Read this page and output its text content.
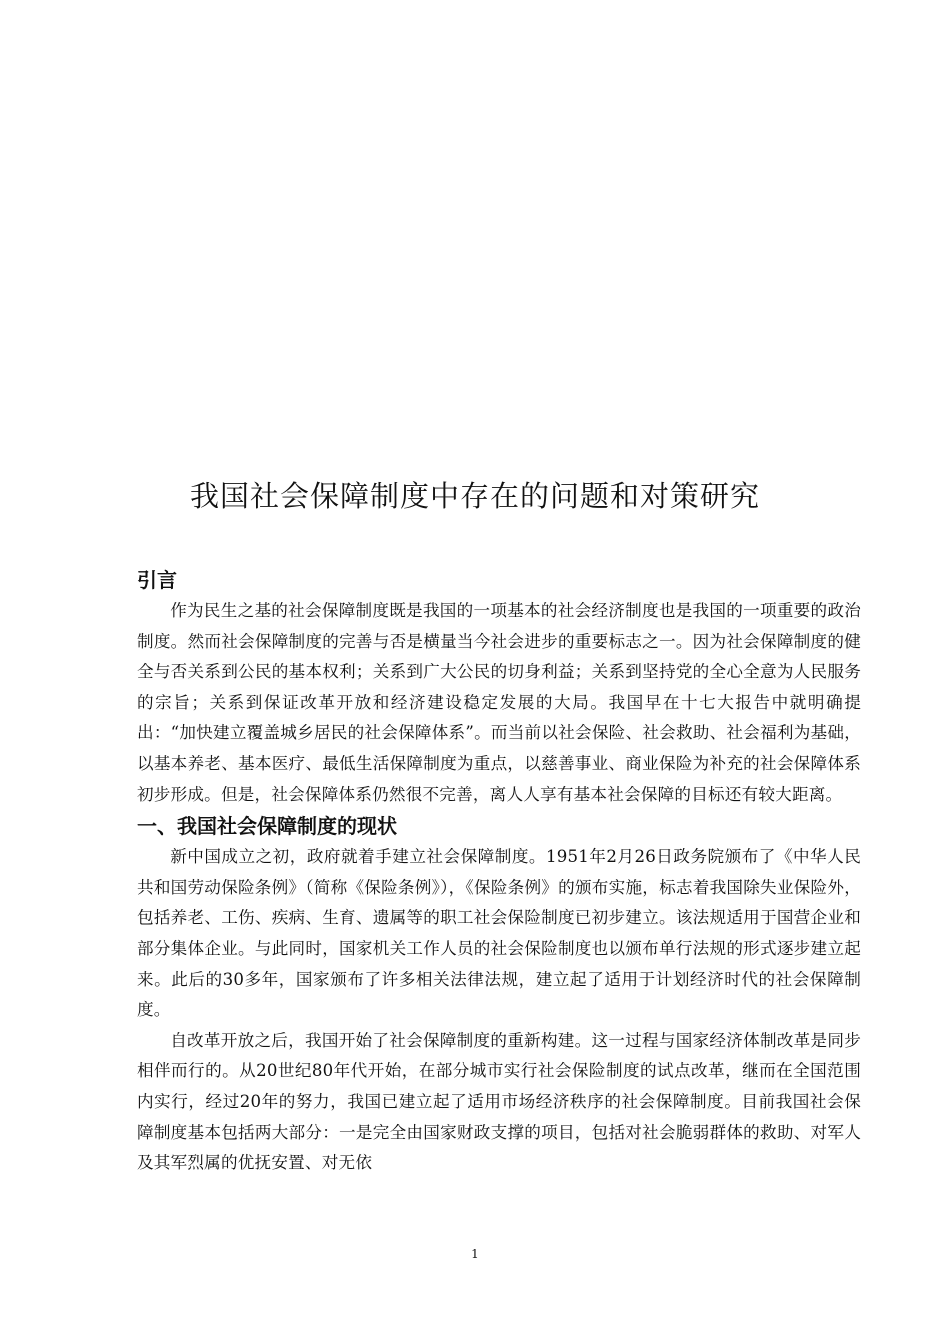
我国社会保障制度中存在的问题和对策研究
引言

作为民生之基的社会保障制度既是我国的一项基本的社会经济制度也是我国的一项重要的政治制度。然而社会保障制度的完善与否是横量当今社会进步的重要标志之一。因为社会保障制度的健全与否关系到公民的基本权利；关系到广大公民的切身利益；关系到坚持党的全心全意为人民服务的宗旨；关系到保证改革开放和经济建设稳定发展的大局。我国早在十七大报告中就明确提出：“加快建立覆盖城乡居民的社会保障体系”。而当前以社会保险、社会救助、社会福利为基础，以基本养老、基本医疗、最低生活保障制度为重点，以慈善事业、商业保险为补充的社会保障体系初步形成。但是，社会保障体系仍然很不完善，离人人享有基本社会保障的目标还有较大距离。

一、我国社会保障制度的现状

新中国成立之初，政府就着手建立社会保障制度。1951年2月26日政务院颁布了《中华人民共和国劳动保险条例》（简称《保险条例》），《保险条例》的颁布实施，标志着我国除失业保险外，包括养老、工伤、疾病、生育、遗属等的职工社会保险制度已初步建立。该法规适用于国营企业和部分集体企业。与此同时，国家机关工作人员的社会保险制度也以颁布单行法规的形式逐步建立起来。此后的30多年，国家颁布了许多相关法律法规，建立起了适用于计划经济时代的社会保障制度。

自改革开放之后，我国开始了社会保障制度的重新构建。这一过程与国家经济体制改革是同步相伴而行的。从20世纪80年代开始，在部分城市实行社会保险制度的试点改革，继而在全国范围内实行，经过20年的努力，我国已建立起了适用市场经济秩序的社会保障制度。目前我国社会保障制度基本包括两大部分：一是完全由国家财政支撑的项目，包括对社会脆弱群体的救助、对军人及其军烈属的优抚安置、对无依

1
